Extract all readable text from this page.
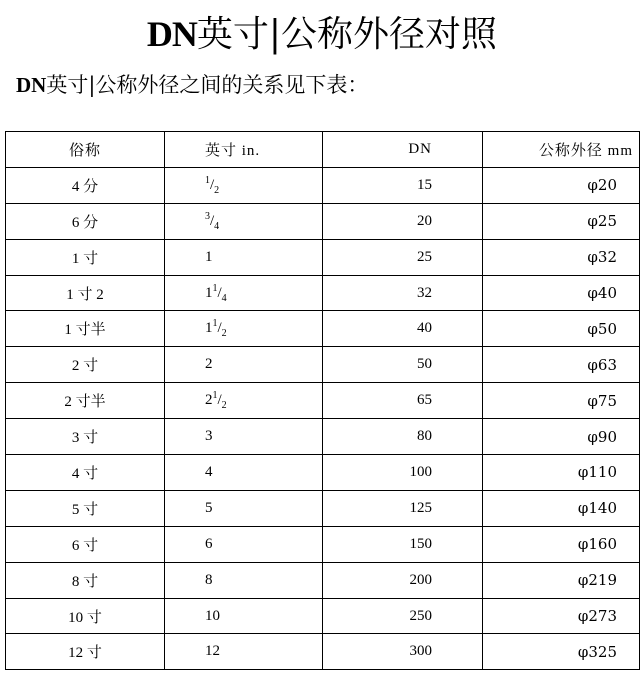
DN英寸|公称外径对照
DN英寸|公称外径之间的关系见下表：
俗称	英寸 in.	DN	公称外径 mm
4 分	$^1/_2$	15	φ20
6 分	$^3/_4$	20	φ25
1 寸	1	25	φ32
1 寸 2	$1^1/_4$	32	φ40
1 寸半	$1^1/_2$	40	φ50
2 寸	2	50	φ63
2 寸半	$2^1/_2$	65	φ75
3 寸	3	80	φ90
4 寸	4	100	φ110
5 寸	5	125	φ140
6 寸	6	150	φ160
8 寸	8	200	φ219
10 寸	10	250	φ273
12 寸	12	300	φ325
